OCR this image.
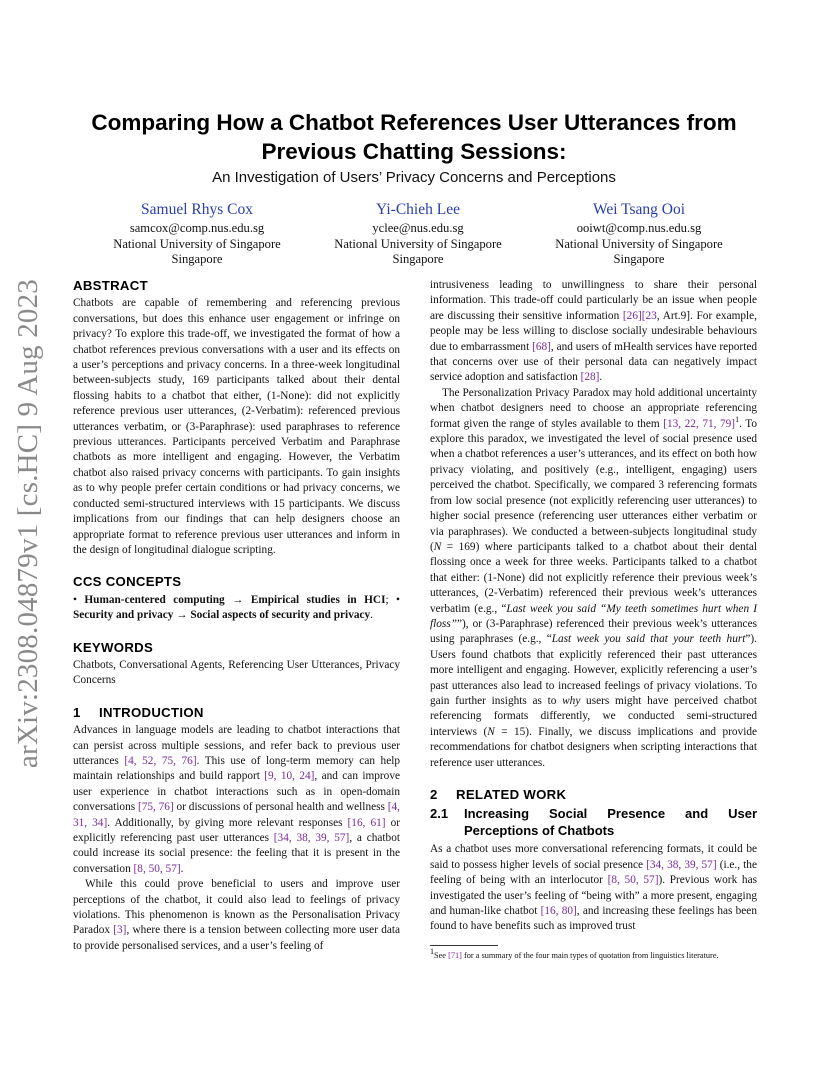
arXiv:2308.04879v1 [cs.HC] 9 Aug 2023
Comparing How a Chatbot References User Utterances from Previous Chatting Sessions:
An Investigation of Users’ Privacy Concerns and Perceptions
Samuel Rhys Cox
samcox@comp.nus.edu.sg
National University of Singapore
Singapore
Yi-Chieh Lee
yclee@nus.edu.sg
National University of Singapore
Singapore
Wei Tsang Ooi
ooiwt@comp.nus.edu.sg
National University of Singapore
Singapore
ABSTRACT

Chatbots are capable of remembering and referencing previous conversations, but does this enhance user engagement or infringe on privacy? To explore this trade-off, we investigated the format of how a chatbot references previous conversations with a user and its effects on a user’s perceptions and privacy concerns. In a three-week longitudinal between-subjects study, 169 participants talked about their dental flossing habits to a chatbot that either, (1-None): did not explicitly reference previous user utterances, (2-Verbatim): referenced previous utterances verbatim, or (3-Paraphrase): used paraphrases to reference previous utterances. Participants perceived Verbatim and Paraphrase chatbots as more intelligent and engaging. However, the Verbatim chatbot also raised privacy concerns with participants. To gain insights as to why people prefer certain conditions or had privacy concerns, we conducted semi-structured interviews with 15 participants. We discuss implications from our findings that can help designers choose an appropriate format to reference previous user utterances and inform in the design of longitudinal dialogue scripting.

CCS CONCEPTS

• Human-centered computing → Empirical studies in HCI; • Security and privacy → Social aspects of security and privacy.

KEYWORDS

Chatbots, Conversational Agents, Referencing User Utterances, Privacy Concerns

1 INTRODUCTION

Advances in language models are leading to chatbot interactions that can persist across multiple sessions, and refer back to previous user utterances [4, 52, 75, 76]. This use of long-term memory can help maintain relationships and build rapport [9, 10, 24], and can improve user experience in chatbot interactions such as in open-domain conversations [75, 76] or discussions of personal health and wellness [4, 31, 34]. Additionally, by giving more relevant responses [16, 61] or explicitly referencing past user utterances [34, 38, 39, 57], a chatbot could increase its social presence: the feeling that it is present in the conversation [8, 50, 57].

While this could prove beneficial to users and improve user perceptions of the chatbot, it could also lead to feelings of privacy violations. This phenomenon is known as the Personalisation Privacy Paradox [3], where there is a tension between collecting more user data to provide personalised services, and a user’s feeling of

intrusiveness leading to unwillingness to share their personal information. This trade-off could particularly be an issue when people are discussing their sensitive information [26][23, Art.9]. For example, people may be less willing to disclose socially undesirable behaviours due to embarrassment [68], and users of mHealth services have reported that concerns over use of their personal data can negatively impact service adoption and satisfaction [28].

The Personalization Privacy Paradox may hold additional uncertainty when chatbot designers need to choose an appropriate referencing format given the range of styles available to them [13, 22, 71, 79]$^1$. To explore this paradox, we investigated the level of social presence used when a chatbot references a user’s utterances, and its effect on both how privacy violating, and positively (e.g., intelligent, engaging) users perceived the chatbot. Specifically, we compared 3 referencing formats from low social presence (not explicitly referencing user utterances) to higher social presence (referencing user utterances either verbatim or via paraphrases). We conducted a between-subjects longitudinal study (N = 169) where participants talked to a chatbot about their dental flossing once a week for three weeks. Participants talked to a chatbot that either: (1-None) did not explicitly reference their previous week’s utterances, (2-Verbatim) referenced their previous week’s utterances verbatim (e.g., “Last week you said “My teeth sometimes hurt when I floss””), or (3-Paraphrase) referenced their previous week’s utterances using paraphrases (e.g., “Last week you said that your teeth hurt”). Users found chatbots that explicitly referenced their past utterances more intelligent and engaging. However, explicitly referencing a user’s past utterances also lead to increased feelings of privacy violations. To gain further insights as to why users might have perceived chatbot referencing formats differently, we conducted semi-structured interviews (N = 15). Finally, we discuss implications and provide recommendations for chatbot designers when scripting interactions that reference user utterances.

2 RELATED WORK
2.1	Increasing Social Presence and User Perceptions of Chatbots

As a chatbot uses more conversational referencing formats, it could be said to possess higher levels of social presence [34, 38, 39, 57] (i.e., the feeling of being with an interlocutor [8, 50, 57]). Previous work has investigated the user’s feeling of “being with” a more present, engaging and human-like chatbot [16, 80], and increasing these feelings has been found to have benefits such as improved trust

$^1$See [71] for a summary of the four main types of quotation from linguistics literature.
